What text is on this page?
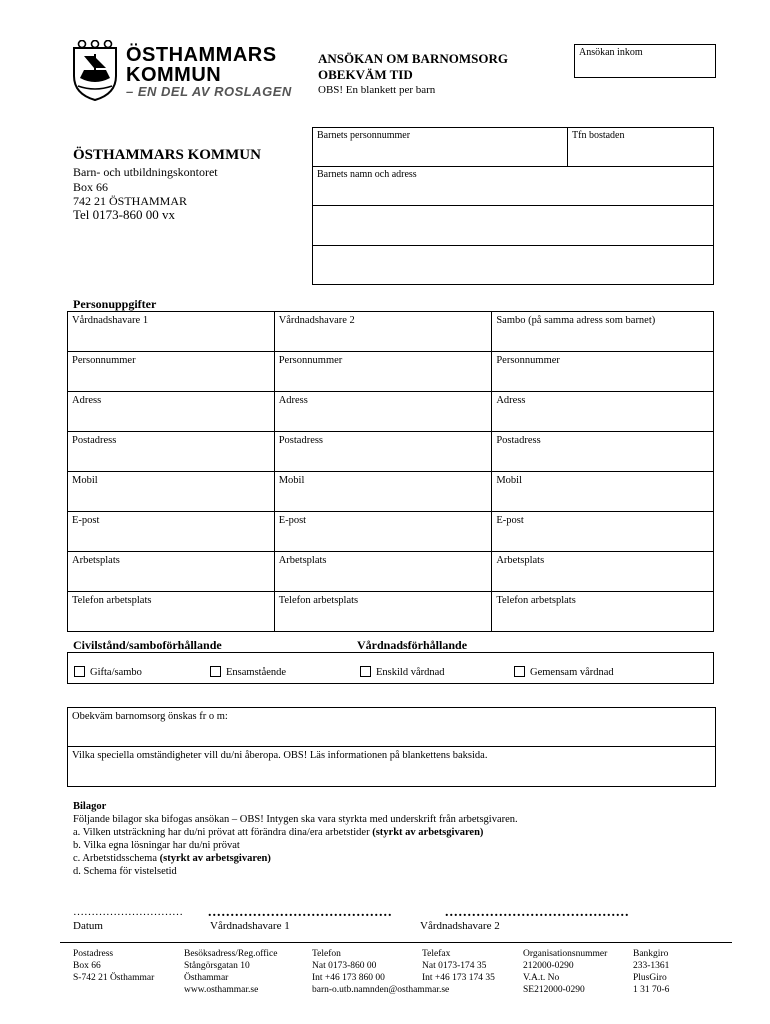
ÖSTHAMMARS
KOMMUN
– EN DEL AV ROSLAGEN
ANSÖKAN OM BARNOMSORG
OBEKVÄM TID
OBS! En blankett per barn
Ansökan inkom
ÖSTHAMMARS KOMMUN
Barn- och utbildningskontoret
Box 66
742 21 ÖSTHAMMAR
Tel 0173-860 00 vx
Barnets personnummer	Tfn bostaden
Barnets namn och adress
Personuppgifter
Vårdnadshavare 1	Vårdnadshavare 2	Sambo (på samma adress som barnet)
Personnummer	Personnummer	Personnummer
Adress	Adress	Adress
Postadress	Postadress	Postadress
Mobil	Mobil	Mobil
E-post	E-post	E-post
Arbetsplats	Arbetsplats	Arbetsplats
Telefon arbetsplats	Telefon arbetsplats	Telefon arbetsplats
Civilstånd/samboförhållande	Vårdnadsförhållande
Gifta/sambo	Ensamstående	Enskild vårdnad	Gemensam vårdnad
Obekväm barnomsorg önskas fr o m:
Vilka speciella omständigheter vill du/ni åberopa. OBS! Läs informationen på blankettens baksida.
Bilagor
Följande bilagor ska bifogas ansökan – OBS! Intygen ska vara styrkta med underskrift från arbetsgivaren.
a. Vilken utsträckning har du/ni prövat att förändra dina/era arbetstider (styrkt av arbetsgivaren)
b. Vilka egna lösningar har du/ni prövat
c. Arbetstidsschema (styrkt av arbetsgivaren)
d. Schema för vistelsetid
………………………… .........................................	.........................................
Datum	Vårdnadshavare 1	Vårdnadshavare 2
Postadress
Box 66
S-742 21 Östhammar
Besöksadress/Reg.office
Stångörsgatan 10
Östhammar
www.osthammar.se
Telefon
Nat 0173-860 00
Int +46 173 860 00
barn-o.utb.namnden@osthammar.se
Telefax
Nat 0173-174 35
Int +46 173 174 35
Organisationsnummer
212000-0290
V.A.t. No
SE212000-0290
Bankgiro
233-1361
PlusGiro
1 31 70-6
